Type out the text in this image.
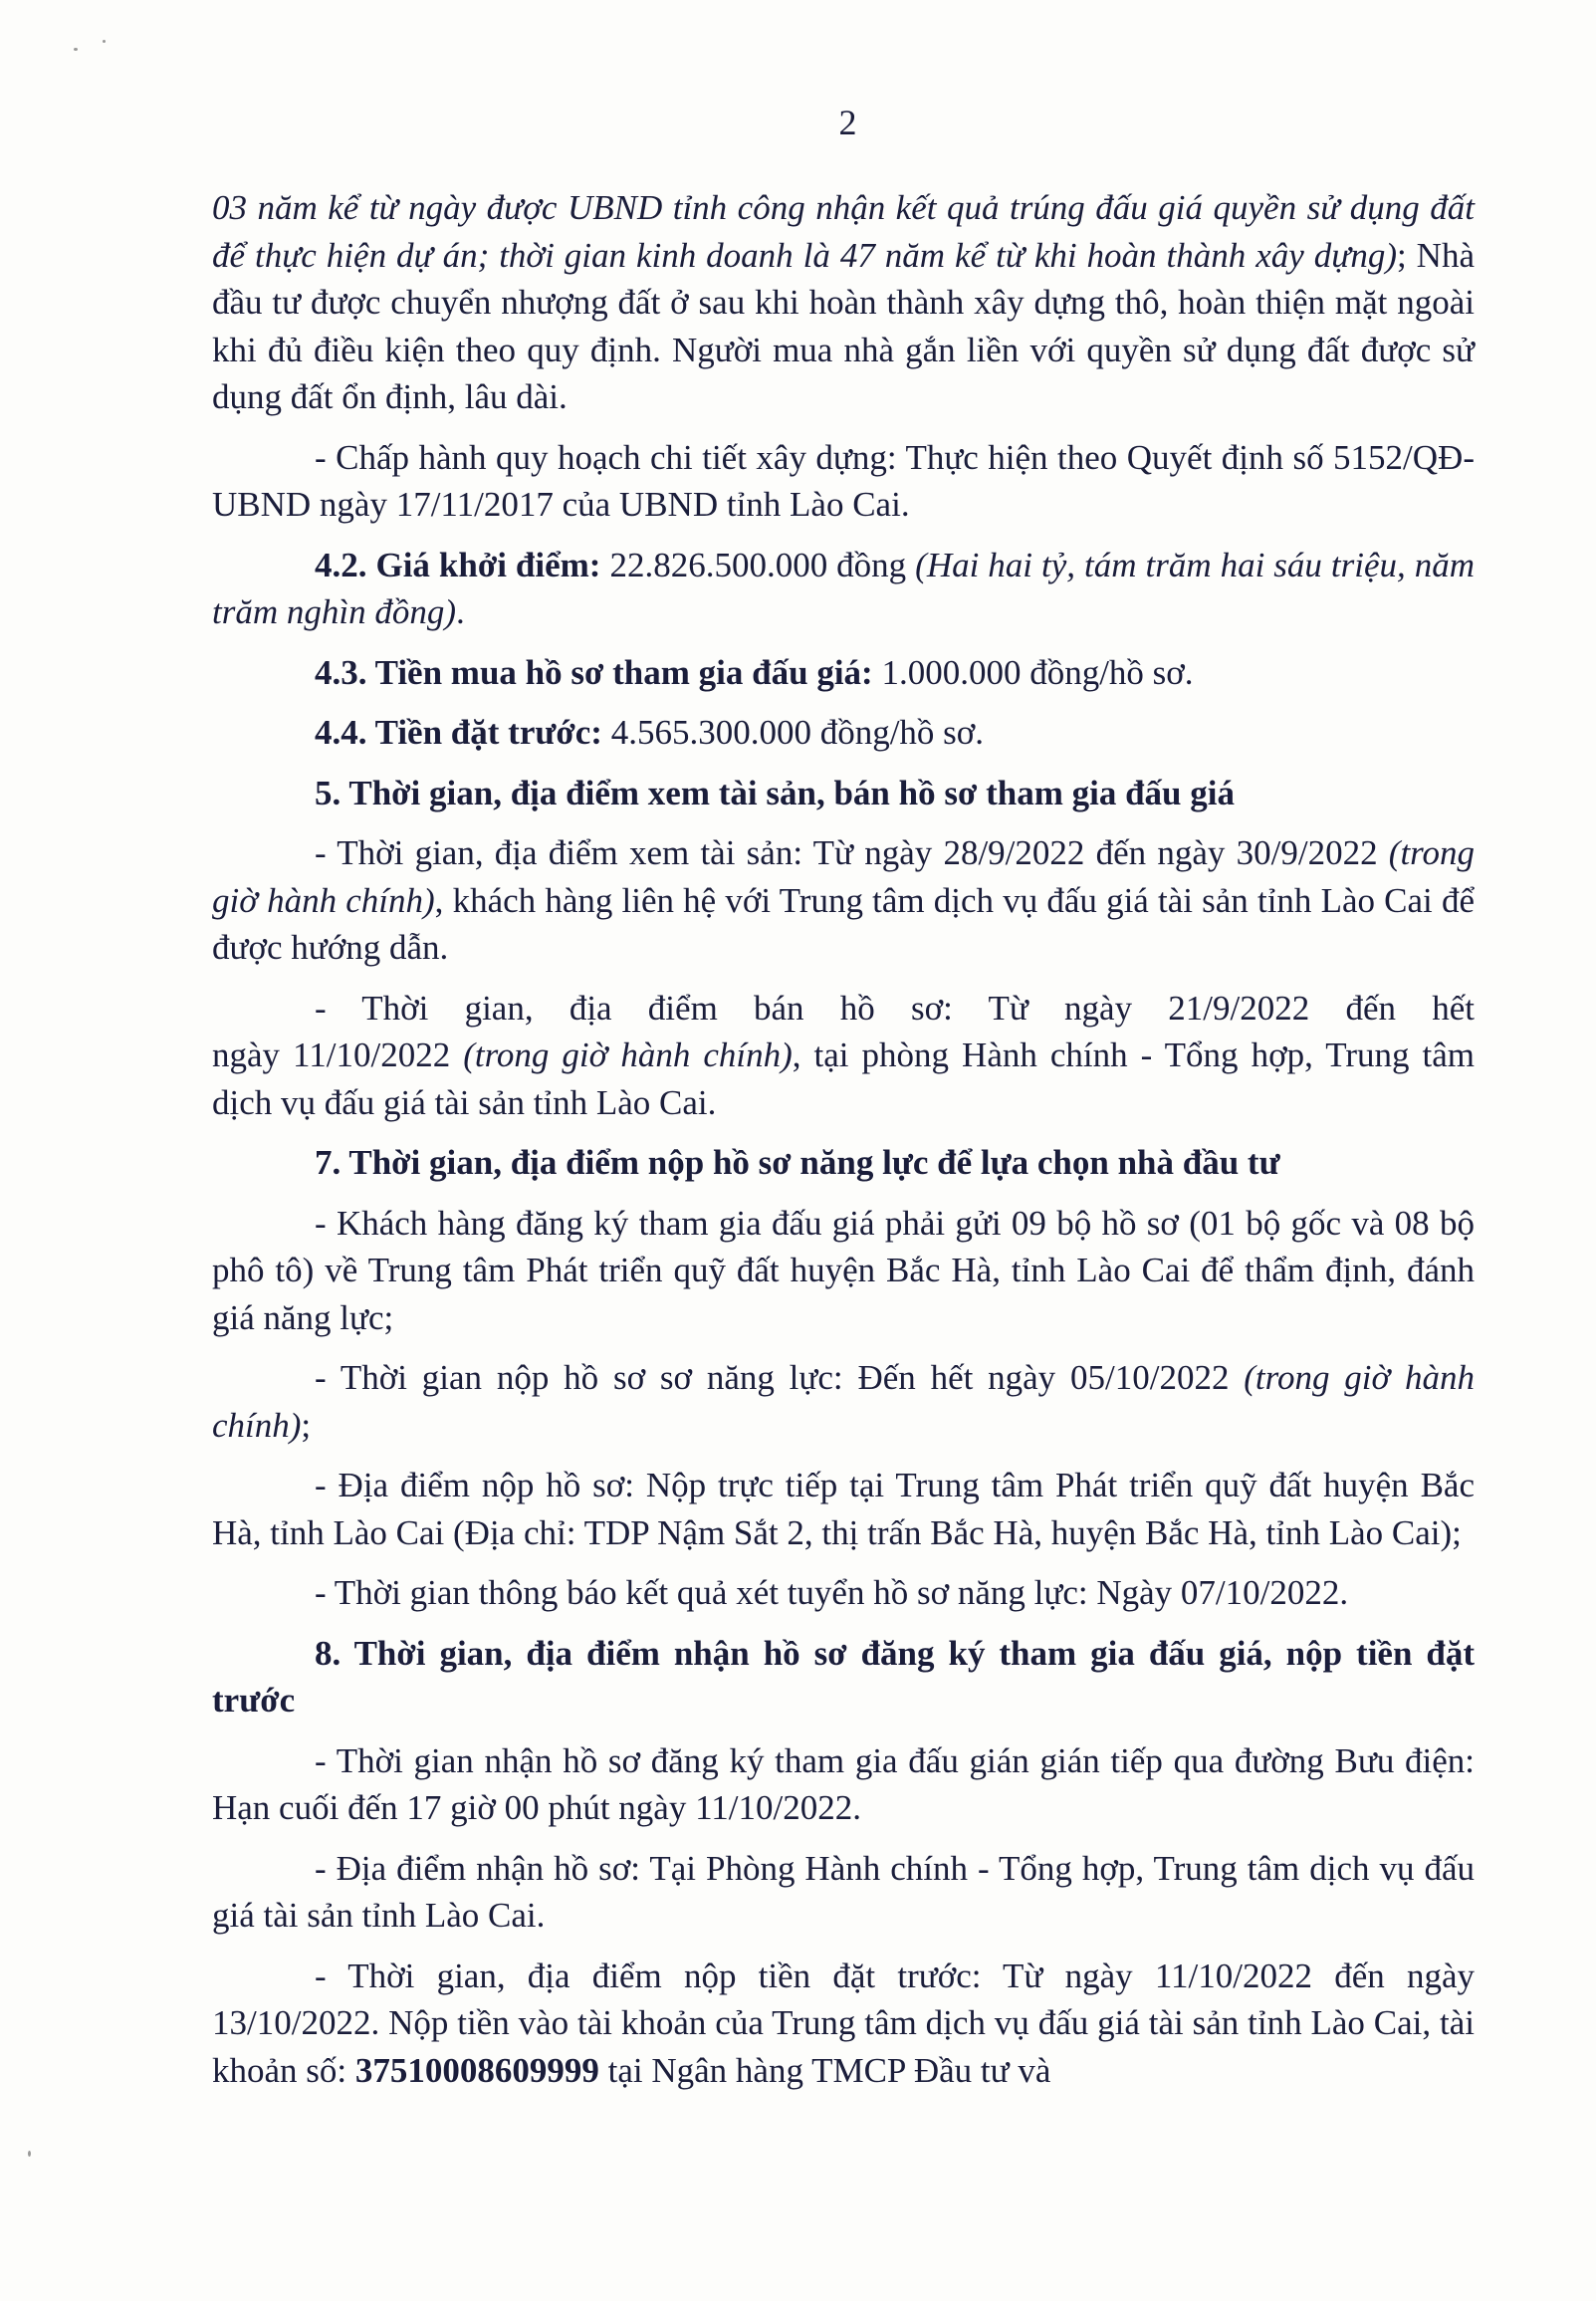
2

03 năm kể từ ngày được UBND tỉnh công nhận kết quả trúng đấu giá quyền sử dụng đất để thực hiện dự án; thời gian kinh doanh là 47 năm kể từ khi hoàn thành xây dựng); Nhà đầu tư được chuyển nhượng đất ở sau khi hoàn thành xây dựng thô, hoàn thiện mặt ngoài khi đủ điều kiện theo quy định. Người mua nhà gắn liền với quyền sử dụng đất được sử dụng đất ổn định, lâu dài.

- Chấp hành quy hoạch chi tiết xây dựng: Thực hiện theo Quyết định số 5152/QĐ-UBND ngày 17/11/2017 của UBND tỉnh Lào Cai.

4.2. Giá khởi điểm: 22.826.500.000 đồng (Hai hai tỷ, tám trăm hai sáu triệu, năm trăm nghìn đồng).

4.3. Tiền mua hồ sơ tham gia đấu giá: 1.000.000 đồng/hồ sơ.

4.4. Tiền đặt trước: 4.565.300.000 đồng/hồ sơ.

5. Thời gian, địa điểm xem tài sản, bán hồ sơ tham gia đấu giá

- Thời gian, địa điểm xem tài sản: Từ ngày 28/9/2022 đến ngày 30/9/2022 (trong giờ hành chính), khách hàng liên hệ với Trung tâm dịch vụ đấu giá tài sản tỉnh Lào Cai để được hướng dẫn.

- Thời gian, địa điểm bán hồ sơ: Từ ngày 21/9/2022 đến hết
ngày 11/10/2022 (trong giờ hành chính), tại phòng Hành chính - Tổng hợp, Trung tâm dịch vụ đấu giá tài sản tỉnh Lào Cai.

7. Thời gian, địa điểm nộp hồ sơ năng lực để lựa chọn nhà đầu tư

- Khách hàng đăng ký tham gia đấu giá phải gửi 09 bộ hồ sơ (01 bộ gốc và 08 bộ phô tô) về Trung tâm Phát triển quỹ đất huyện Bắc Hà, tỉnh Lào Cai để thẩm định, đánh giá năng lực;

- Thời gian nộp hồ sơ sơ năng lực: Đến hết ngày 05/10/2022 (trong giờ hành chính);

- Địa điểm nộp hồ sơ: Nộp trực tiếp tại Trung tâm Phát triển quỹ đất huyện Bắc Hà, tỉnh Lào Cai (Địa chỉ: TDP Nậm Sắt 2, thị trấn Bắc Hà, huyện Bắc Hà, tỉnh Lào Cai);

- Thời gian thông báo kết quả xét tuyển hồ sơ năng lực: Ngày 07/10/2022.

8. Thời gian, địa điểm nhận hồ sơ đăng ký tham gia đấu giá, nộp tiền đặt trước

- Thời gian nhận hồ sơ đăng ký tham gia đấu gián gián tiếp qua đường Bưu điện: Hạn cuối đến 17 giờ 00 phút ngày 11/10/2022.

- Địa điểm nhận hồ sơ: Tại Phòng Hành chính - Tổng hợp, Trung tâm dịch vụ đấu giá tài sản tỉnh Lào Cai.

- Thời gian, địa điểm nộp tiền đặt trước: Từ ngày 11/10/2022 đến ngày 13/10/2022. Nộp tiền vào tài khoản của Trung tâm dịch vụ đấu giá tài sản tỉnh Lào Cai, tài khoản số: 37510008609999 tại Ngân hàng TMCP Đầu tư và
